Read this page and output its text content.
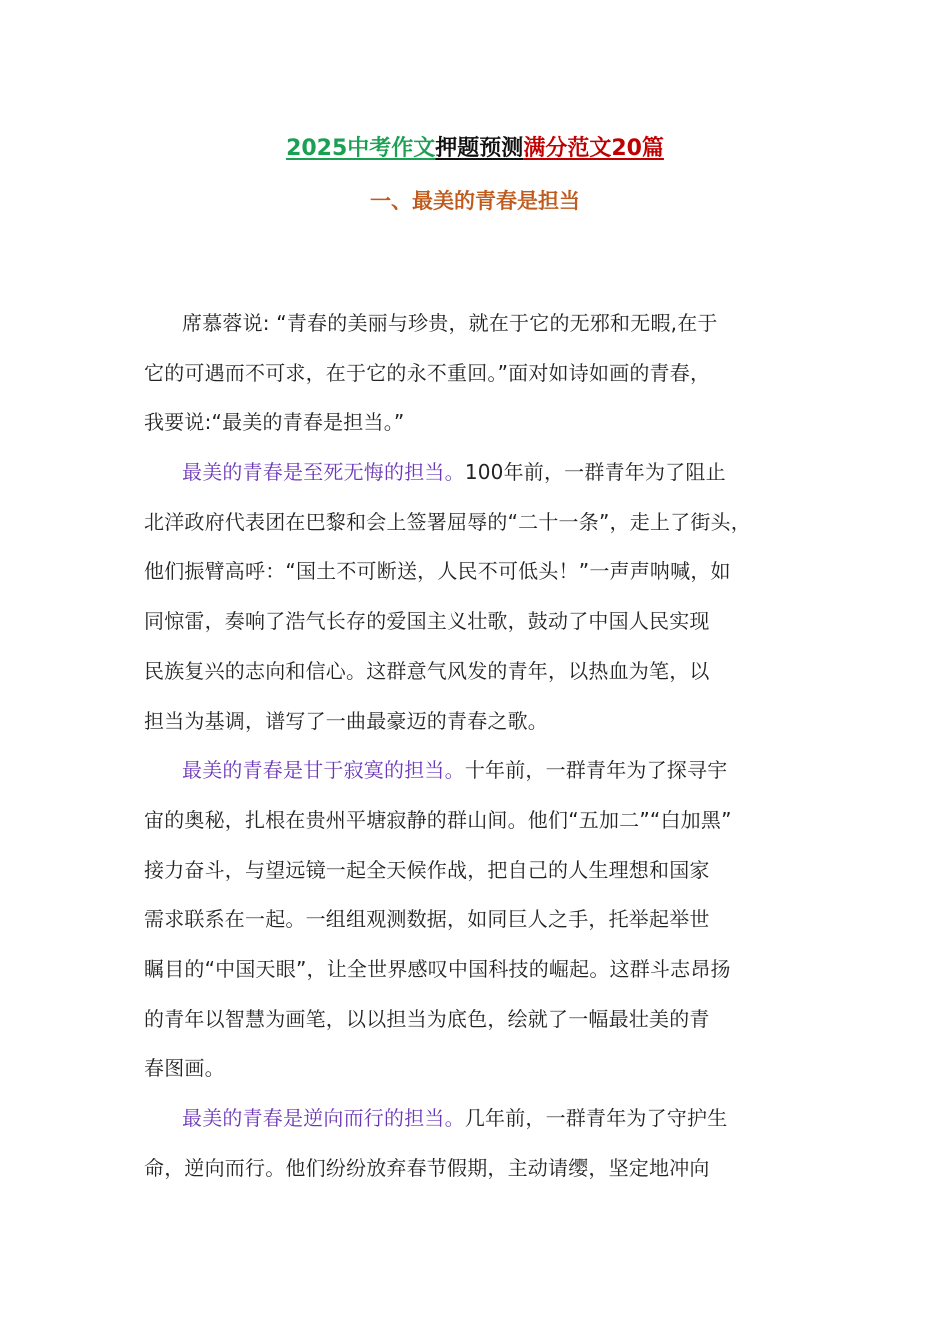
2025中考作文押题预测满分范文20篇
一、最美的青春是担当
席慕蓉说: “青春的美丽与珍贵，就在于它的无邪和无暇,在于
它的可遇而不可求，在于它的永不重回。”面对如诗如画的青春，
我要说:“最美的青春是担当。”
最美的青春是至死无悔的担当。100年前，一群青年为了阻止
北洋政府代表团在巴黎和会上签署屈辱的“二十一条”，走上了街头，
他们振臂高呼：“国土不可断送，人民不可低头！”一声声呐喊，如
同惊雷，奏响了浩气长存的爱国主义壮歌，鼓动了中国人民实现
民族复兴的志向和信心。这群意气风发的青年，以热血为笔，以
担当为基调，谱写了一曲最豪迈的青春之歌。
最美的青春是甘于寂寞的担当。十年前，一群青年为了探寻宇
宙的奥秘，扎根在贵州平塘寂静的群山间。他们“五加二”“白加黑”
接力奋斗，与望远镜一起全天候作战，把自己的人生理想和国家
需求联系在一起。一组组观测数据，如同巨人之手，托举起举世
瞩目的“中国天眼”，让全世界感叹中国科技的崛起。这群斗志昂扬
的青年以智慧为画笔，以以担当为底色，绘就了一幅最壮美的青
春图画。
最美的青春是逆向而行的担当。几年前，一群青年为了守护生
命，逆向而行。他们纷纷放弃春节假期，主动请缨，坚定地冲向
